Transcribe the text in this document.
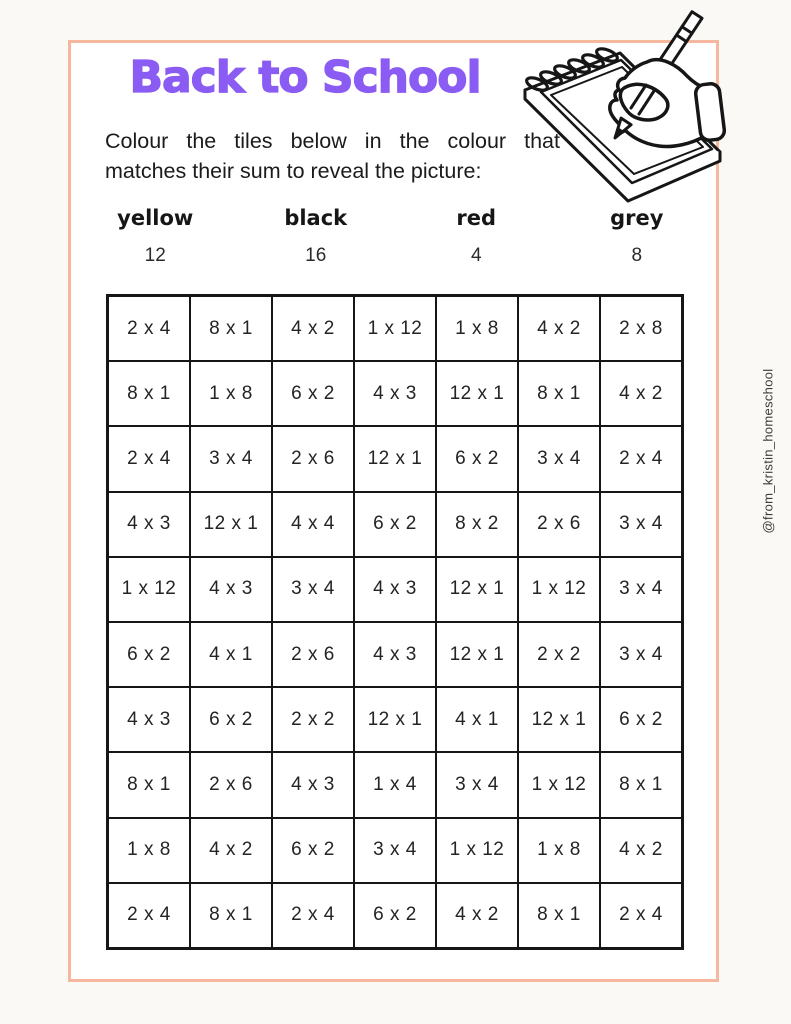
Back to School
Colour the tiles below in the colour that
matches their sum to reveal the picture:
yellow
12
black
16
red
4
grey
8
2 x 4	8 x 1	4 x 2	1 x 12	1 x 8	4 x 2	2 x 8
8 x 1	1 x 8	6 x 2	4 x 3	12 x 1	8 x 1	4 x 2
2 x 4	3 x 4	2 x 6	12 x 1	6 x 2	3 x 4	2 x 4
4 x 3	12 x 1	4 x 4	6 x 2	8 x 2	2 x 6	3 x 4
1 x 12	4 x 3	3 x 4	4 x 3	12 x 1	1 x 12	3 x 4
6 x 2	4 x 1	2 x 6	4 x 3	12 x 1	2 x 2	3 x 4
4 x 3	6 x 2	2 x 2	12 x 1	4 x 1	12 x 1	6 x 2
8 x 1	2 x 6	4 x 3	1 x 4	3 x 4	1 x 12	8 x 1
1 x 8	4 x 2	6 x 2	3 x 4	1 x 12	1 x 8	4 x 2
2 x 4	8 x 1	2 x 4	6 x 2	4 x 2	8 x 1	2 x 4
@from_kristin_homeschool
